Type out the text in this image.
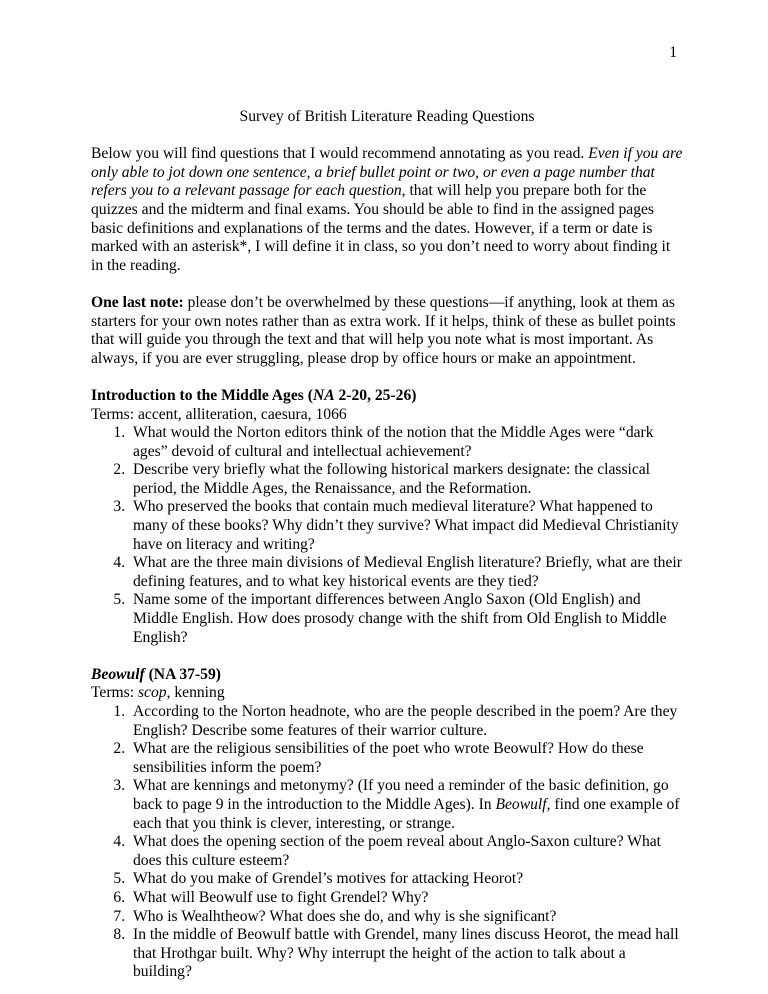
1
Survey of British Literature Reading Questions

Below you will find questions that I would recommend annotating as you read. Even if you are only able to jot down one sentence, a brief bullet point or two, or even a page number that refers you to a relevant passage for each question, that will help you prepare both for the quizzes and the midterm and final exams. You should be able to find in the assigned pages basic definitions and explanations of the terms and the dates. However, if a term or date is marked with an asterisk*, I will define it in class, so you don’t need to worry about finding it in the reading.

One last note: please don’t be overwhelmed by these questions—if anything, look at them as starters for your own notes rather than as extra work. If it helps, think of these as bullet points that will guide you through the text and that will help you note what is most important. As always, if you are ever struggling, please drop by office hours or make an appointment.

Introduction to the Middle Ages (NA 2-20, 25-26)
Terms: accent, alliteration, caesura, 1066
1. What would the Norton editors think of the notion that the Middle Ages were “dark ages” devoid of cultural and intellectual achievement?
2. Describe very briefly what the following historical markers designate: the classical period, the Middle Ages, the Renaissance, and the Reformation.
3. Who preserved the books that contain much medieval literature? What happened to many of these books? Why didn’t they survive? What impact did Medieval Christianity have on literacy and writing?
4. What are the three main divisions of Medieval English literature? Briefly, what are their defining features, and to what key historical events are they tied?
5. Name some of the important differences between Anglo Saxon (Old English) and Middle English. How does prosody change with the shift from Old English to Middle English?
Beowulf (NA 37-59)
Terms: scop, kenning
1. According to the Norton headnote, who are the people described in the poem? Are they English? Describe some features of their warrior culture.
2. What are the religious sensibilities of the poet who wrote Beowulf? How do these sensibilities inform the poem?
3. What are kennings and metonymy? (If you need a reminder of the basic definition, go back to page 9 in the introduction to the Middle Ages). In Beowulf, find one example of each that you think is clever, interesting, or strange.
4. What does the opening section of the poem reveal about Anglo-Saxon culture? What does this culture esteem?
5. What do you make of Grendel’s motives for attacking Heorot?
6. What will Beowulf use to fight Grendel? Why?
7. Who is Wealhtheow? What does she do, and why is she significant?
8. In the middle of Beowulf battle with Grendel, many lines discuss Heorot, the mead hall that Hrothgar built. Why? Why interrupt the height of the action to talk about a building?
